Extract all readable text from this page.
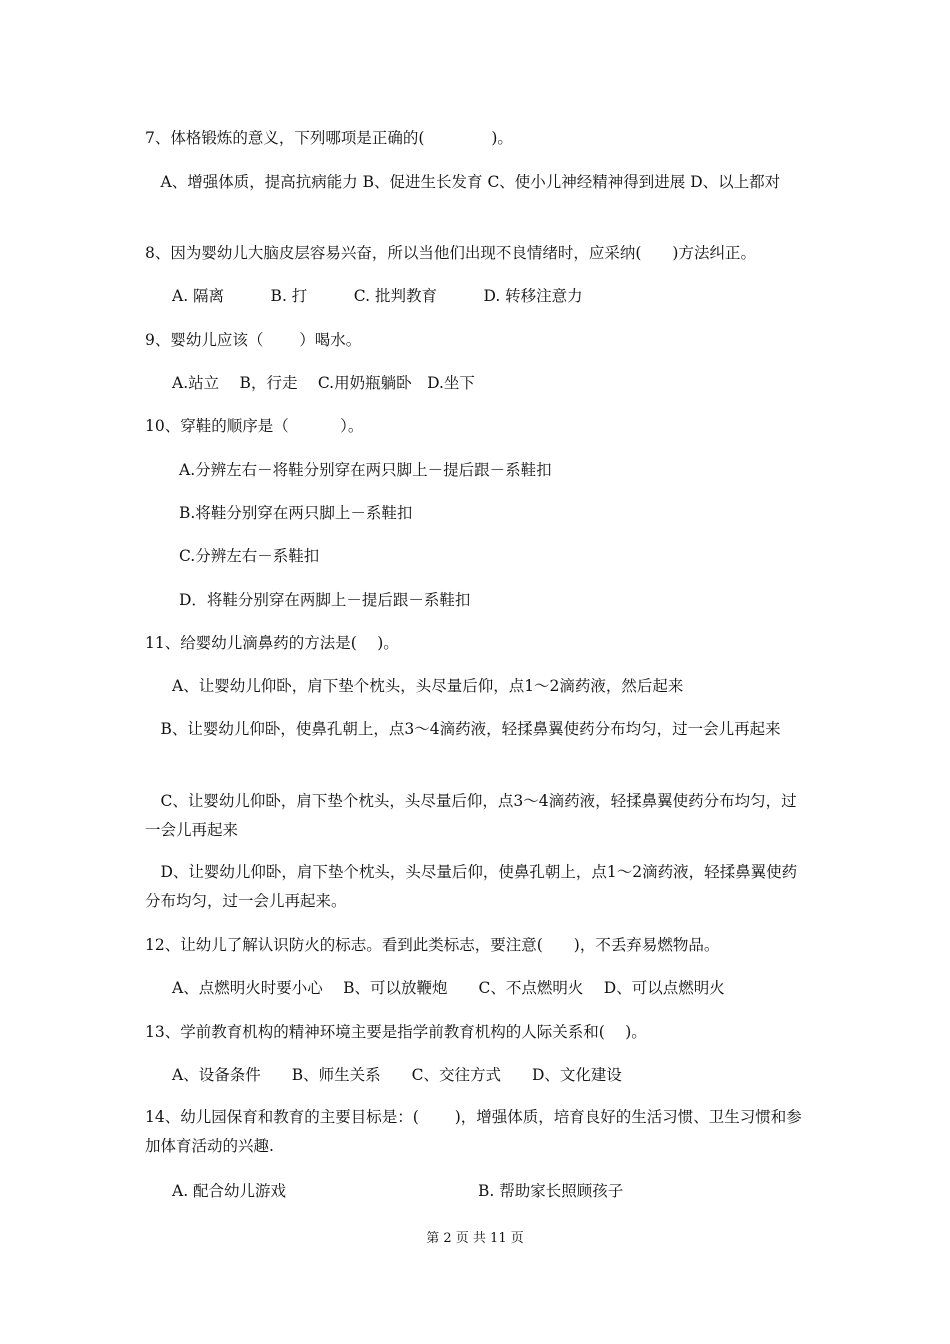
7、体格锻炼的意义，下列哪项是正确的(　　　　 )。
　A、增强体质，提高抗病能力 B、促进生长发育 C、使小儿神经精神得到进展 D、以上都对
8、因为婴幼儿大脑皮层容易兴奋，所以当他们出现不良情绪时，应采纳(　　)方法纠正。
A. 隔离　　　B. 打　　　C. 批判教育　　　D. 转移注意力
9、婴幼儿应该（　　 ）喝水。
A.站立　 B，行走　 C.用奶瓶躺卧　D.坐下
10、穿鞋的顺序是（　　　 ）。
A.分辨左右－将鞋分别穿在两只脚上－提后跟－系鞋扣
B.将鞋分别穿在两只脚上－系鞋扣
C.分辨左右－系鞋扣
D．将鞋分别穿在两脚上－提后跟－系鞋扣
11、给婴幼儿滴鼻药的方法是(　 )。
A、让婴幼儿仰卧，肩下垫个枕头，头尽量后仰，点1～2滴药液，然后起来
　B、让婴幼儿仰卧，使鼻孔朝上，点3～4滴药液，轻揉鼻翼使药分布均匀，过一会儿再起来
　C、让婴幼儿仰卧，肩下垫个枕头，头尽量后仰，点3～4滴药液，轻揉鼻翼使药分布均匀，过一会儿再起来
　D、让婴幼儿仰卧，肩下垫个枕头，头尽量后仰，使鼻孔朝上，点1～2滴药液，轻揉鼻翼使药分布均匀，过一会儿再起来。
12、让幼儿了解认识防火的标志。看到此类标志，要注意(　　)，不丢弃易燃物品。
A、点燃明火时要小心　 B、可以放鞭炮　　C、不点燃明火　 D、可以点燃明火
13、学前教育机构的精神环境主要是指学前教育机构的人际关系和(　 )。
A、设备条件　　B、师生关系　　C、交往方式　　D、文化建设
14、幼儿园保育和教育的主要目标是：(　　 )，增强体质，培育良好的生活习惯、卫生习惯和参加体育活动的兴趣.
A. 配合幼儿游戏	B. 帮助家长照顾孩子
第 2 页 共 11 页
